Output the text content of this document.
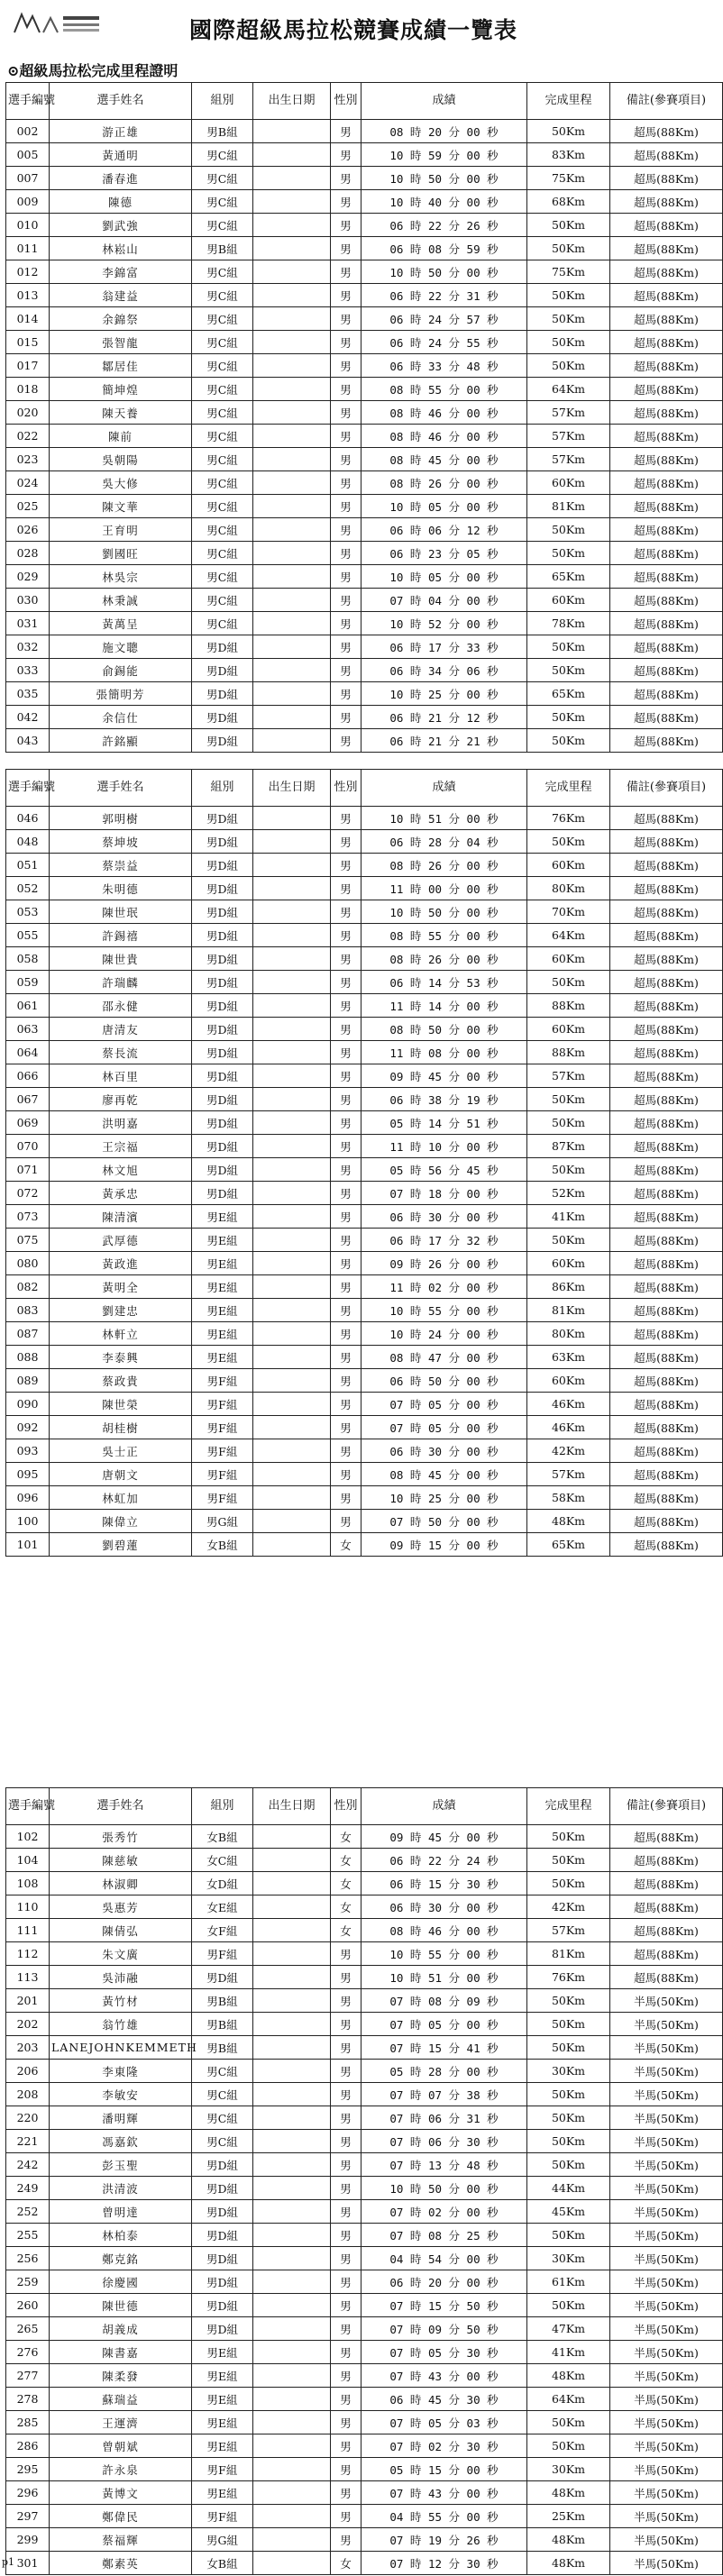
國際超級馬拉松競賽成績一覽表
⊙超級馬拉松完成里程證明
選手編號	選手姓名	組別	出生日期	性別	成績	完成里程	備註(參賽項目)
002	游正雄	男B組		男	08 時 20 分 00 秒	50Km	超馬(88Km)
005	黃通明	男C組		男	10 時 59 分 00 秒	83Km	超馬(88Km)
007	潘春進	男C組		男	10 時 50 分 00 秒	75Km	超馬(88Km)
009	陳德	男C組		男	10 時 40 分 00 秒	68Km	超馬(88Km)
010	劉武強	男C組		男	06 時 22 分 26 秒	50Km	超馬(88Km)
011	林崧山	男B組		男	06 時 08 分 59 秒	50Km	超馬(88Km)
012	李錦富	男C組		男	10 時 50 分 00 秒	75Km	超馬(88Km)
013	翁建益	男C組		男	06 時 22 分 31 秒	50Km	超馬(88Km)
014	余錦祭	男C組		男	06 時 24 分 57 秒	50Km	超馬(88Km)
015	張智龍	男C組		男	06 時 24 分 55 秒	50Km	超馬(88Km)
017	鄒居佳	男C組		男	06 時 33 分 48 秒	50Km	超馬(88Km)
018	簡坤煌	男C組		男	08 時 55 分 00 秒	64Km	超馬(88Km)
020	陳天養	男C組		男	08 時 46 分 00 秒	57Km	超馬(88Km)
022	陳前	男C組		男	08 時 46 分 00 秒	57Km	超馬(88Km)
023	吳朝陽	男C組		男	08 時 45 分 00 秒	57Km	超馬(88Km)
024	吳大修	男C組		男	08 時 26 分 00 秒	60Km	超馬(88Km)
025	陳文華	男C組		男	10 時 05 分 00 秒	81Km	超馬(88Km)
026	王育明	男C組		男	06 時 06 分 12 秒	50Km	超馬(88Km)
028	劉國旺	男C組		男	06 時 23 分 05 秒	50Km	超馬(88Km)
029	林吳宗	男C組		男	10 時 05 分 00 秒	65Km	超馬(88Km)
030	林秉誠	男C組		男	07 時 04 分 00 秒	60Km	超馬(88Km)
031	黃萬呈	男C組		男	10 時 52 分 00 秒	78Km	超馬(88Km)
032	施文聰	男D組		男	06 時 17 分 33 秒	50Km	超馬(88Km)
033	俞錫能	男D組		男	06 時 34 分 06 秒	50Km	超馬(88Km)
035	張簡明芳	男D組		男	10 時 25 分 00 秒	65Km	超馬(88Km)
042	余信仕	男D組		男	06 時 21 分 12 秒	50Km	超馬(88Km)
043	許銘顯	男D組		男	06 時 21 分 21 秒	50Km	超馬(88Km)
選手編號	選手姓名	組別	出生日期	性別	成績	完成里程	備註(參賽項目)
046	郭明樹	男D組		男	10 時 51 分 00 秒	76Km	超馬(88Km)
048	蔡坤坡	男D組		男	06 時 28 分 04 秒	50Km	超馬(88Km)
051	蔡崇益	男D組		男	08 時 26 分 00 秒	60Km	超馬(88Km)
052	朱明德	男D組		男	11 時 00 分 00 秒	80Km	超馬(88Km)
053	陳世珉	男D組		男	10 時 50 分 00 秒	70Km	超馬(88Km)
055	許錫禧	男D組		男	08 時 55 分 00 秒	64Km	超馬(88Km)
058	陳世貴	男D組		男	08 時 26 分 00 秒	60Km	超馬(88Km)
059	許瑞麟	男D組		男	06 時 14 分 53 秒	50Km	超馬(88Km)
061	邵永健	男D組		男	11 時 14 分 00 秒	88Km	超馬(88Km)
063	唐清友	男D組		男	08 時 50 分 00 秒	60Km	超馬(88Km)
064	蔡長流	男D組		男	11 時 08 分 00 秒	88Km	超馬(88Km)
066	林百里	男D組		男	09 時 45 分 00 秒	57Km	超馬(88Km)
067	廖再乾	男D組		男	06 時 38 分 19 秒	50Km	超馬(88Km)
069	洪明嘉	男D組		男	05 時 14 分 51 秒	50Km	超馬(88Km)
070	王宗福	男D組		男	11 時 10 分 00 秒	87Km	超馬(88Km)
071	林文旭	男D組		男	05 時 56 分 45 秒	50Km	超馬(88Km)
072	黃承忠	男D組		男	07 時 18 分 00 秒	52Km	超馬(88Km)
073	陳清濱	男E組		男	06 時 30 分 00 秒	41Km	超馬(88Km)
075	武厚德	男E組		男	06 時 17 分 32 秒	50Km	超馬(88Km)
080	黃政進	男E組		男	09 時 26 分 00 秒	60Km	超馬(88Km)
082	黃明全	男E組		男	11 時 02 分 00 秒	86Km	超馬(88Km)
083	劉建忠	男E組		男	10 時 55 分 00 秒	81Km	超馬(88Km)
087	林軒立	男E組		男	10 時 24 分 00 秒	80Km	超馬(88Km)
088	李泰興	男E組		男	08 時 47 分 00 秒	63Km	超馬(88Km)
089	蔡政貴	男F組		男	06 時 50 分 00 秒	60Km	超馬(88Km)
090	陳世榮	男F組		男	07 時 05 分 00 秒	46Km	超馬(88Km)
092	胡桂樹	男F組		男	07 時 05 分 00 秒	46Km	超馬(88Km)
093	吳士正	男F組		男	06 時 30 分 00 秒	42Km	超馬(88Km)
095	唐朝文	男F組		男	08 時 45 分 00 秒	57Km	超馬(88Km)
096	林虹加	男F組		男	10 時 25 分 00 秒	58Km	超馬(88Km)
100	陳偉立	男G組		男	07 時 50 分 00 秒	48Km	超馬(88Km)
101	劉碧蓮	女B組		女	09 時 15 分 00 秒	65Km	超馬(88Km)
選手編號	選手姓名	組別	出生日期	性別	成績	完成里程	備註(參賽項目)
102	張秀竹	女B組		女	09 時 45 分 00 秒	50Km	超馬(88Km)
104	陳慈敏	女C組		女	06 時 22 分 24 秒	50Km	超馬(88Km)
108	林淑卿	女D組		女	06 時 15 分 30 秒	50Km	超馬(88Km)
110	吳惠芳	女E組		女	06 時 30 分 00 秒	42Km	超馬(88Km)
111	陳倩弘	女F組		女	08 時 46 分 00 秒	57Km	超馬(88Km)
112	朱文廣	男F組		男	10 時 55 分 00 秒	81Km	超馬(88Km)
113	吳沛融	男D組		男	10 時 51 分 00 秒	76Km	超馬(88Km)
201	黃竹材	男B組		男	07 時 08 分 09 秒	50Km	半馬(50Km)
202	翁竹雄	男B組		男	07 時 05 分 00 秒	50Km	半馬(50Km)
203	LANEJOHNKEMMETH	男B組		男	07 時 15 分 41 秒	50Km	半馬(50Km)
206	李東隆	男C組		男	05 時 28 分 00 秒	30Km	半馬(50Km)
208	李敏安	男C組		男	07 時 07 分 38 秒	50Km	半馬(50Km)
220	潘明輝	男C組		男	07 時 06 分 31 秒	50Km	半馬(50Km)
221	馮嘉欽	男C組		男	07 時 06 分 30 秒	50Km	半馬(50Km)
242	彭玉聖	男D組		男	07 時 13 分 48 秒	50Km	半馬(50Km)
249	洪清波	男D組		男	10 時 50 分 00 秒	44Km	半馬(50Km)
252	曾明達	男D組		男	07 時 02 分 00 秒	45Km	半馬(50Km)
255	林柏泰	男D組		男	07 時 08 分 25 秒	50Km	半馬(50Km)
256	鄭克銘	男D組		男	04 時 54 分 00 秒	30Km	半馬(50Km)
259	徐慶國	男D組		男	06 時 20 分 00 秒	61Km	半馬(50Km)
260	陳世德	男D組		男	07 時 15 分 50 秒	50Km	半馬(50Km)
265	胡義成	男D組		男	07 時 09 分 50 秒	47Km	半馬(50Km)
276	陳書嘉	男E組		男	07 時 05 分 30 秒	41Km	半馬(50Km)
277	陳柔發	男E組		男	07 時 43 分 00 秒	48Km	半馬(50Km)
278	蘇瑞益	男E組		男	06 時 45 分 30 秒	64Km	半馬(50Km)
285	王運濟	男E組		男	07 時 05 分 03 秒	50Km	半馬(50Km)
286	曾朝斌	男E組		男	07 時 02 分 30 秒	50Km	半馬(50Km)
295	許永泉	男F組		男	05 時 15 分 00 秒	30Km	半馬(50Km)
296	黃博文	男E組		男	07 時 43 分 00 秒	48Km	半馬(50Km)
297	鄭偉民	男F組		男	04 時 55 分 00 秒	25Km	半馬(50Km)
299	蔡福輝	男G組		男	07 時 19 分 26 秒	48Km	半馬(50Km)
301	鄭素英	女B組		女	07 時 12 分 30 秒	48Km	半馬(50Km)
p1
